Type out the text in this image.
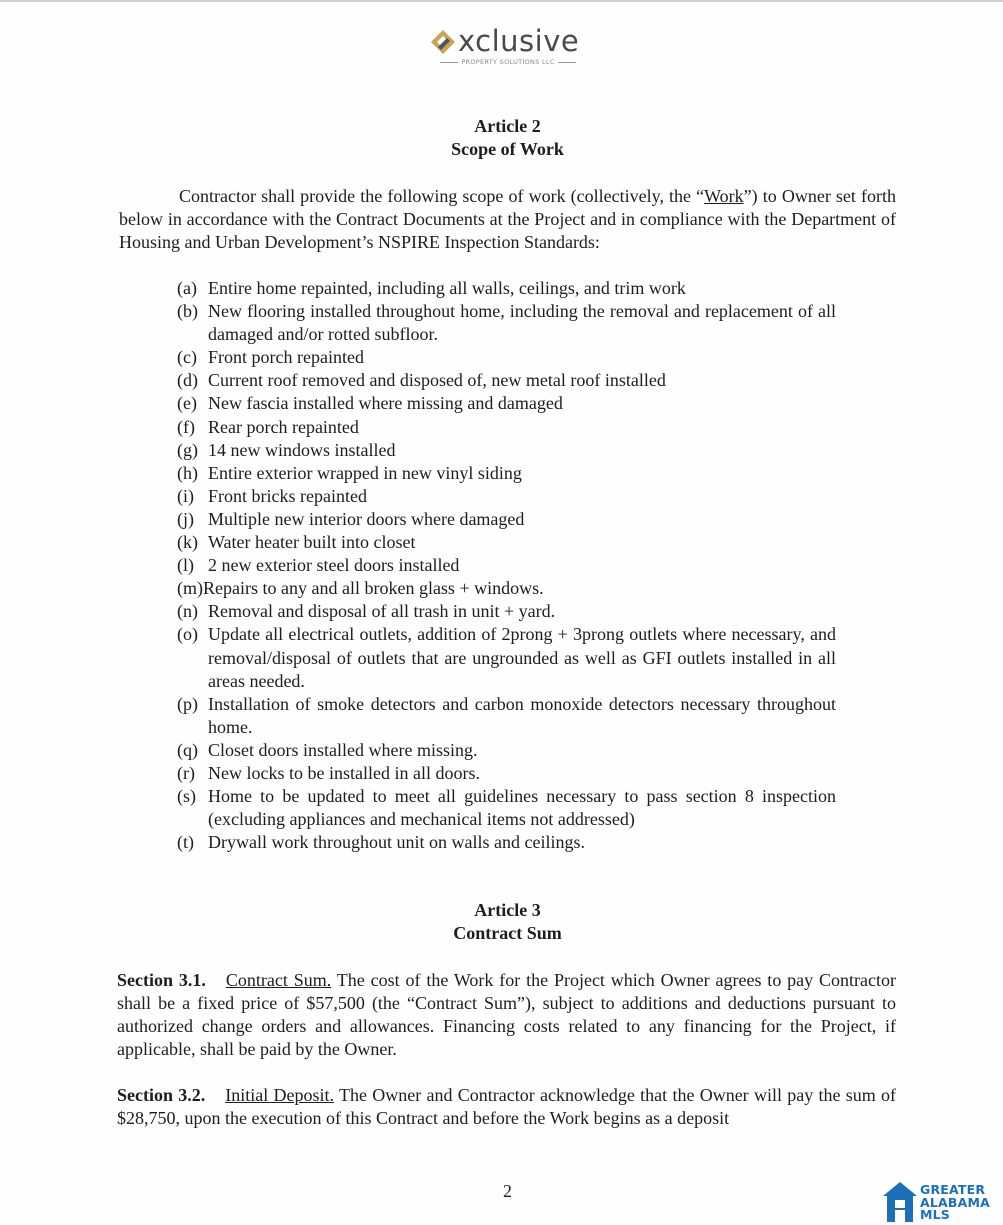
xclusive
PROPERTY SOLUTIONS LLC
Article 2
Scope of Work
Contractor shall provide the following scope of work (collectively, the “Work”) to Owner set forth below in accordance with the Contract Documents at the Project and in compliance with the Department of Housing and Urban Development’s NSPIRE Inspection Standards:
(a) Entire home repainted, including all walls, ceilings, and trim work
(b) New flooring installed throughout home, including the removal and replacement of all damaged and/or rotted subfloor.
(c) Front porch repainted
(d) Current roof removed and disposed of, new metal roof installed
(e) New fascia installed where missing and damaged
(f) Rear porch repainted
(g) 14 new windows installed
(h) Entire exterior wrapped in new vinyl siding
(i) Front bricks repainted
(j) Multiple new interior doors where damaged
(k) Water heater built into closet
(l) 2 new exterior steel doors installed
(m)Repairs to any and all broken glass + windows.
(n) Removal and disposal of all trash in unit + yard.
(o) Update all electrical outlets, addition of 2prong + 3prong outlets where necessary, and removal/disposal of outlets that are ungrounded as well as GFI outlets installed in all areas needed.
(p) Installation of smoke detectors and carbon monoxide detectors necessary throughout home.
(q) Closet doors installed where missing.
(r) New locks to be installed in all doors.
(s) Home to be updated to meet all guidelines necessary to pass section 8 inspection (excluding appliances and mechanical items not addressed)
(t) Drywall work throughout unit on walls and ceilings.
Article 3
Contract Sum
Section 3.1. Contract Sum. The cost of the Work for the Project which Owner agrees to pay Contractor shall be a fixed price of $57,500 (the “Contract Sum”), subject to additions and deductions pursuant to authorized change orders and allowances. Financing costs related to any financing for the Project, if applicable, shall be paid by the Owner.
Section 3.2. Initial Deposit. The Owner and Contractor acknowledge that the Owner will pay the sum of $28,750, upon the execution of this Contract and before the Work begins as a deposit
2	GREATER
ALABAMA
MLS
